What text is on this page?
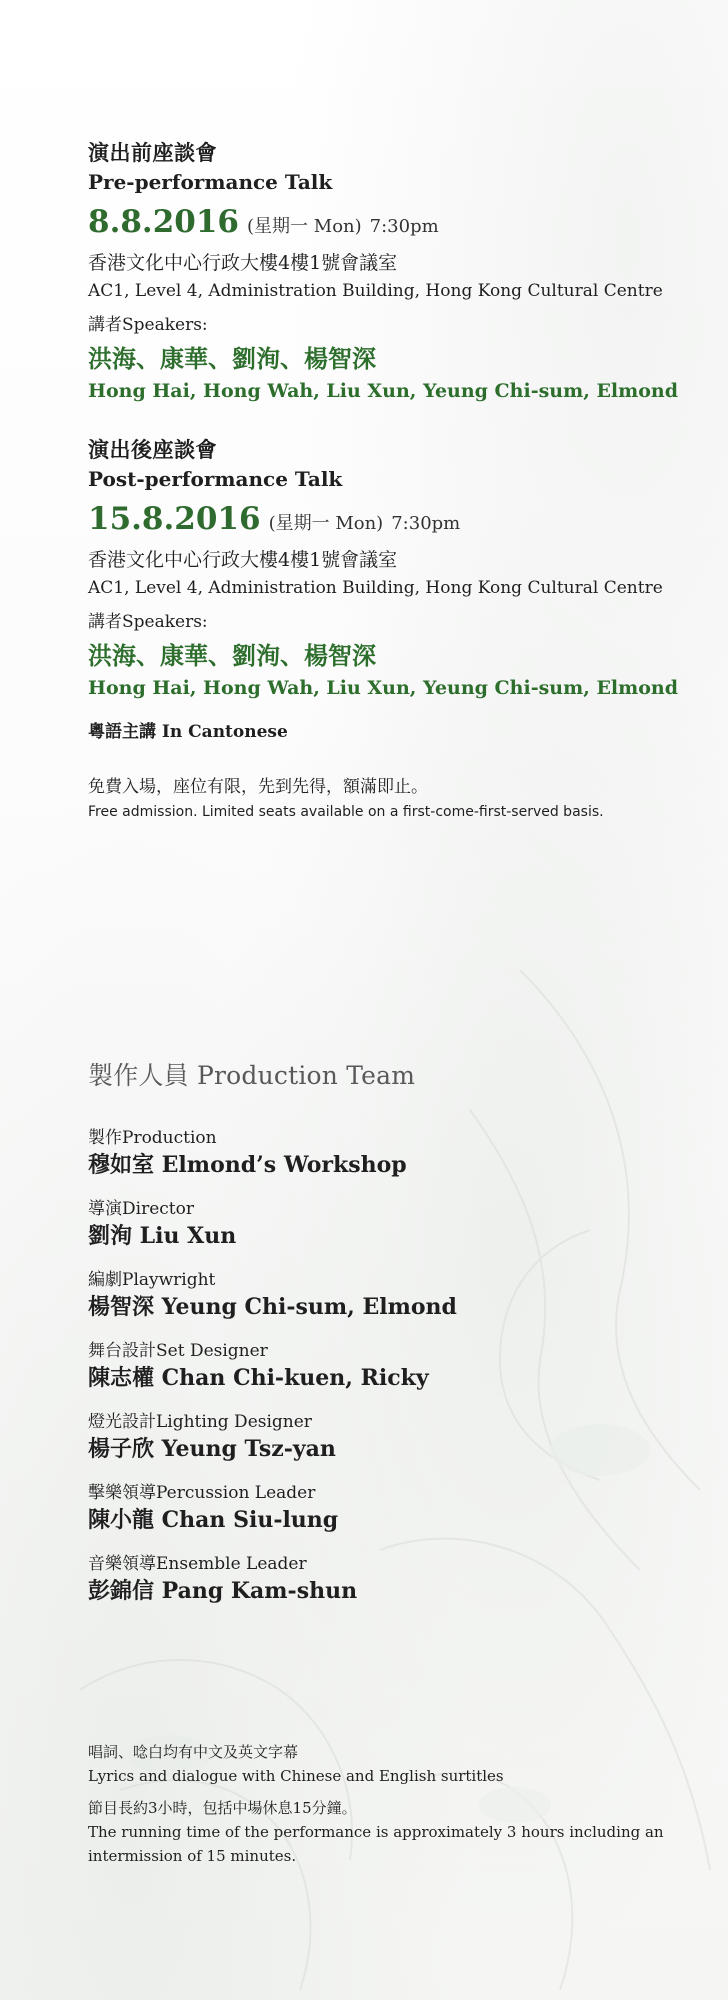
演出前座談會
Pre-performance Talk
8.8.2016 (星期一 Mon) 7:30pm
香港文化中心行政大樓4樓1號會議室
AC1, Level 4, Administration Building, Hong Kong Cultural Centre
講者Speakers:
洪海、康華、劉洵、楊智深
Hong Hai, Hong Wah, Liu Xun, Yeung Chi-sum, Elmond
演出後座談會
Post-performance Talk
15.8.2016 (星期一 Mon) 7:30pm
香港文化中心行政大樓4樓1號會議室
AC1, Level 4, Administration Building, Hong Kong Cultural Centre
講者Speakers:
洪海、康華、劉洵、楊智深
Hong Hai, Hong Wah, Liu Xun, Yeung Chi-sum, Elmond
粵語主講 In Cantonese
免費入場，座位有限，先到先得，額滿即止。
Free admission. Limited seats available on a first-come-first-served basis.
製作人員 Production Team
製作Production
穆如室 Elmond’s Workshop
導演Director
劉洵 Liu Xun
編劇Playwright
楊智深 Yeung Chi-sum, Elmond
舞台設計Set Designer
陳志權 Chan Chi-kuen, Ricky
燈光設計Lighting Designer
楊子欣 Yeung Tsz-yan
擊樂領導Percussion Leader
陳小龍 Chan Siu-lung
音樂領導Ensemble Leader
彭錦信 Pang Kam-shun
唱詞、唸白均有中文及英文字幕
Lyrics and dialogue with Chinese and English surtitles
節目長約3小時，包括中場休息15分鐘。
The running time of the performance is approximately 3 hours including an intermission of 15 minutes.
